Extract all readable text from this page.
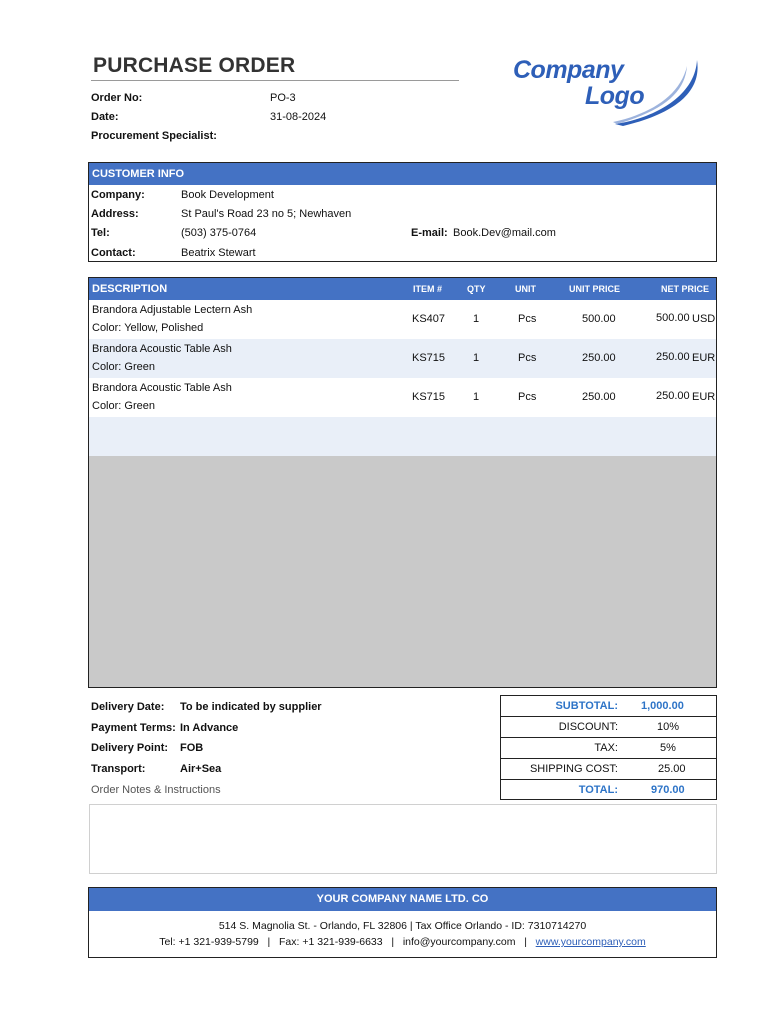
PURCHASE ORDER
Order No:	PO-3
Date:	31-08-2024
Procurement Specialist:
Company
Logo
CUSTOMER INFO
Company:	Book Development
Address:	St Paul's Road 23 no 5; Newhaven
Tel:	(503) 375-0764	E-mail: Book.Dev@mail.com
Contact:	Beatrix Stewart
DESCRIPTION	ITEM #	QTY	UNIT	UNIT PRICE	NET PRICE
Brandora Adjustable Lectern Ash
Color: Yellow, Polished
KS407	1	Pcs	500.00	500.00 USD
Brandora Acoustic Table Ash
Color: Green
KS715	1	Pcs	250.00	250.00 EUR
Brandora Acoustic Table Ash
Color: Green
KS715	1	Pcs	250.00	250.00 EUR
Delivery Date: To be indicated by supplier
Payment Terms: In Advance
Delivery Point: FOB
Transport:	Air+Sea
Order Notes & Instructions
SUBTOTAL: 1,000.00
DISCOUNT:	10%
TAX:	5%
SHIPPING COST:	25.00
TOTAL:	970.00
YOUR COMPANY NAME LTD. CO
514 S. Magnolia St. - Orlando, FL 32806 | Tax Office Orlando - ID: 7310714270
Tel: +1 321-939-5799   |   Fax: +1 321-939-6633   |   info@yourcompany.com   |   www.yourcompany.com
